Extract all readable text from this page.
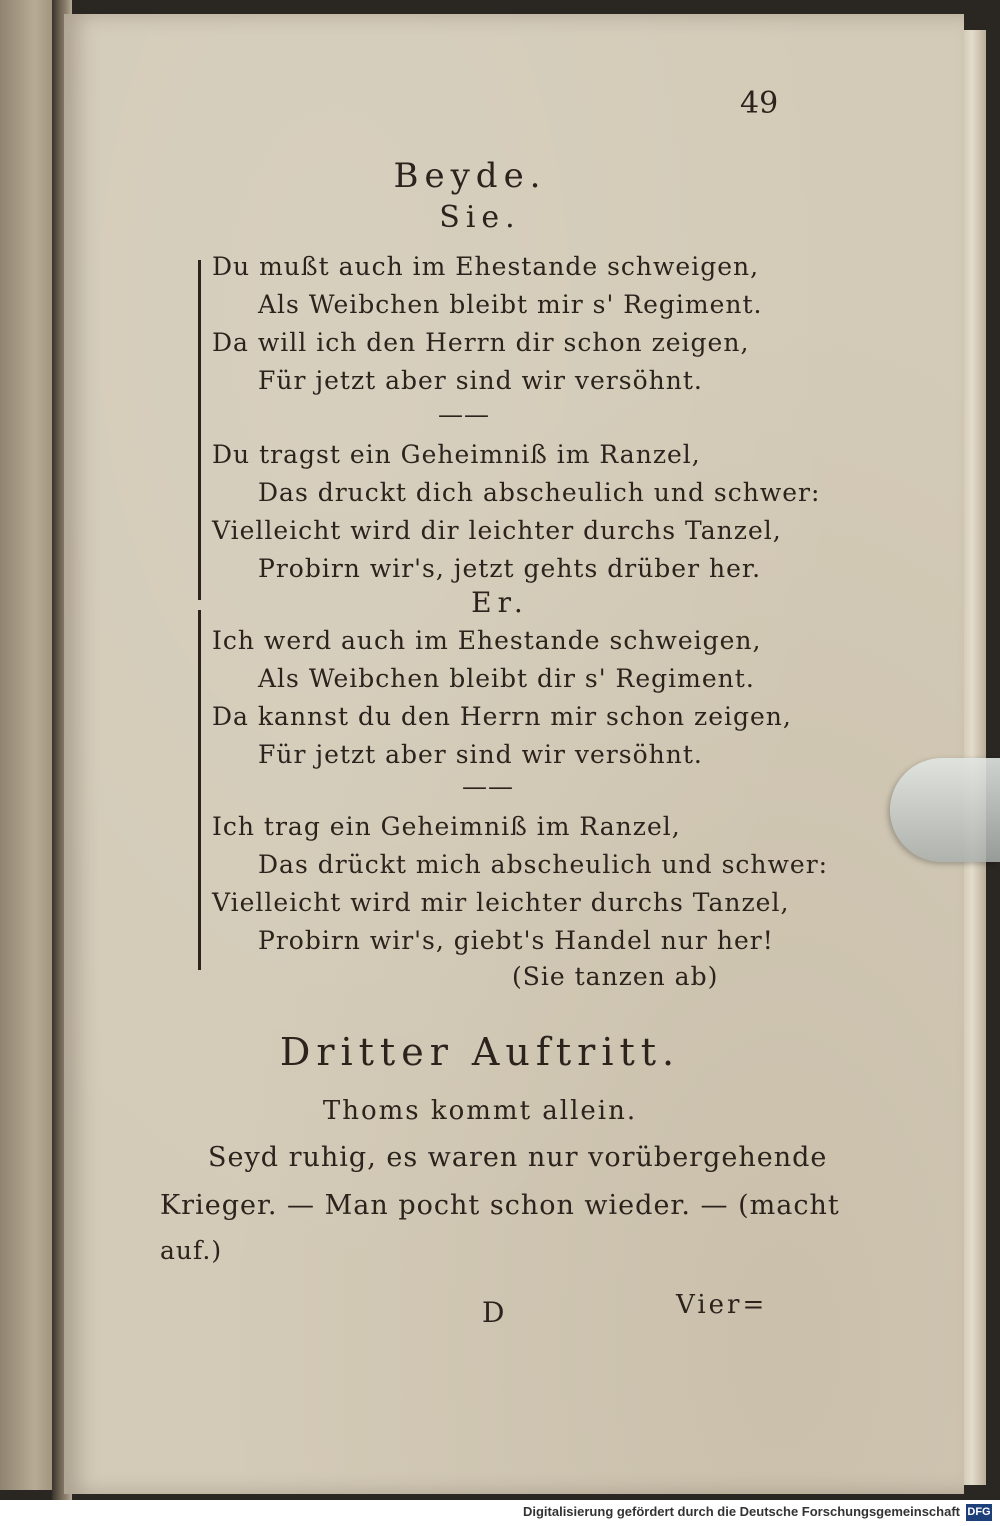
49
Beyde.
Sie.
Du mußt auch im Ehestande schweigen,
Als Weibchen bleibt mir s' Regiment.
Da will ich den Herrn dir schon zeigen,
Für jetzt aber sind wir versöhnt.
——
Du tragst ein Geheimniß im Ranzel,
Das druckt dich abscheulich und schwer:
Vielleicht wird dir leichter durchs Tanzel,
Probirn wir's, jetzt gehts drüber her.
Er.
Ich werd auch im Ehestande schweigen,
Als Weibchen bleibt dir s' Regiment.
Da kannst du den Herrn mir schon zeigen,
Für jetzt aber sind wir versöhnt.
——
Ich trag ein Geheimniß im Ranzel,
Das drückt mich abscheulich und schwer:
Vielleicht wird mir leichter durchs Tanzel,
Probirn wir's, giebt's Handel nur her!
(Sie tanzen ab)
Dritter Auftritt.
Thoms kommt allein.
Seyd ruhig, es waren nur vorübergehende
Krieger. — Man pocht schon wieder. — (macht
auf.)
D	Vier=
Digitalisierung gefördert durch die Deutsche Forschungsgemeinschaft DFG
